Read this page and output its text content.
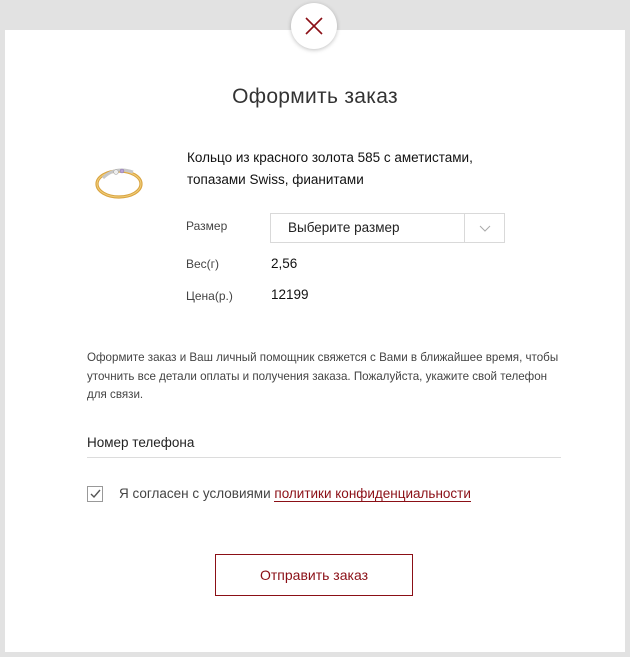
Оформить заказ
Кольцо из красного золота 585 с аметистами, топазами Swiss, фианитами
Размер	Выберите размер
Вес(г)	2,56
Цена(р.)	12199
Оформите заказ и Ваш личный помощник свяжется с Вами в ближайшее время, чтобы уточнить все детали оплаты и получения заказа. Пожалуйста, укажите свой телефон для связи.
Номер телефона
Я согласен с условиями политики конфиденциальности
Отправить заказ
